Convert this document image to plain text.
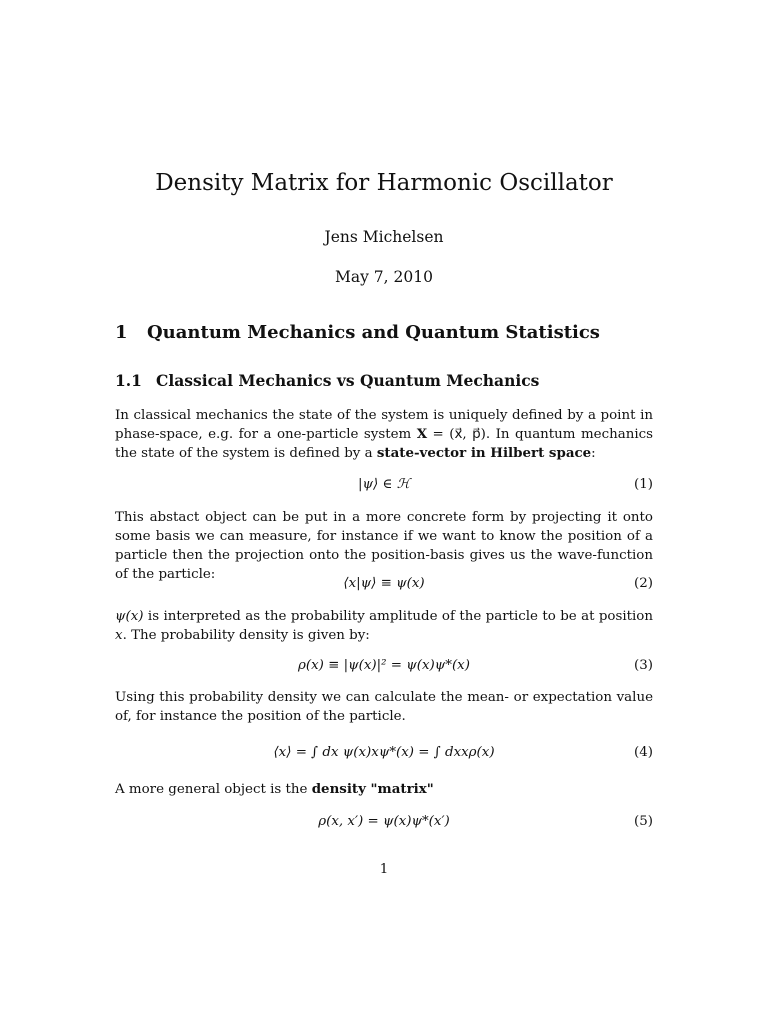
Density Matrix for Harmonic Oscillator
Jens Michelsen
May 7, 2010
1 Quantum Mechanics and Quantum Statistics
1.1 Classical Mechanics vs Quantum Mechanics

In classical mechanics the state of the system is uniquely defined by a point in phase-space, e.g. for a one-particle system X = (x⃗, p⃗). In quantum mechanics the state of the system is defined by a state-vector in Hilbert space:

|ψ⟩ ∈ ℋ	(1)

This abstact object can be put in a more concrete form by projecting it onto some basis we can measure, for instance if we want to know the position of a particle then the projection onto the position-basis gives us the wave-function of the particle:

⟨x|ψ⟩ ≡ ψ(x)	(2)

ψ(x) is interpreted as the probability amplitude of the particle to be at position x. The probability density is given by:

ρ(x) ≡ |ψ(x)|² = ψ(x)ψ*(x)	(3)

Using this probability density we can calculate the mean- or expectation value of, for instance the position of the particle.

⟨x⟩ = ∫ dx ψ(x)xψ*(x) = ∫ dxxρ(x)	(4)

A more general object is the density "matrix"

ρ(x, x′) = ψ(x)ψ*(x′)	(5)
1
